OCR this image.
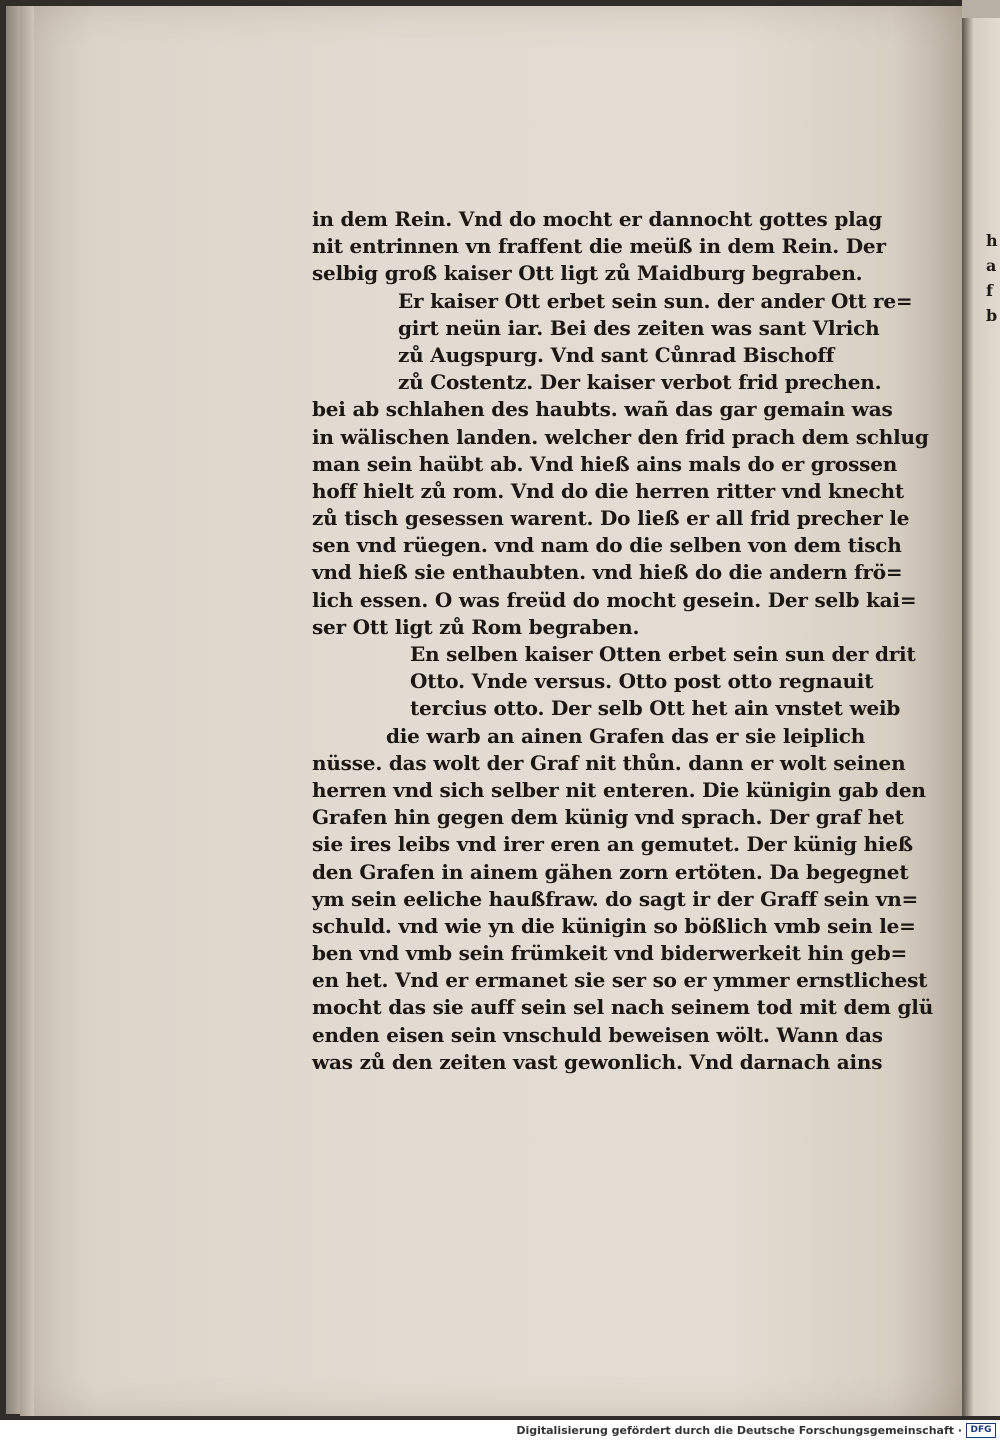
h
a
f
b
in dem Rein. Vnd do mocht er dannocht gottes plag
nit entrinnen vn fraffent die meüß in dem Rein. Der
selbig groß kaiser Ott ligt zů Maidburg begraben.
Er kaiser Ott erbet sein sun. der ander Ott re=
girt neün iar. Bei des zeiten was sant Vlrich
zů Augspurg. Vnd sant Cůnrad Bischoff
zů Costentz. Der kaiser verbot frid prechen.
bei ab schlahen des haubts. wañ das gar gemain was
in wälischen landen. welcher den frid prach dem schlug
man sein haübt ab. Vnd hieß ains mals do er grossen
hoff hielt zů rom. Vnd do die herren ritter vnd knecht
zů tisch gesessen warent. Do ließ er all frid precher le
sen vnd rüegen. vnd nam do die selben von dem tisch
vnd hieß sie enthaubten. vnd hieß do die andern frö=
lich essen. O was freüd do mocht gesein. Der selb kai=
ser Ott ligt zů Rom begraben.
En selben kaiser Otten erbet sein sun der drit
Otto. Vnde versus. Otto post otto regnauit
tercius otto. Der selb Ott het ain vnstet weib
die warb an ainen Grafen das er sie leiplich
nüsse. das wolt der Graf nit thůn. dann er wolt seinen
herren vnd sich selber nit enteren. Die künigin gab den
Grafen hin gegen dem künig vnd sprach. Der graf het
sie ires leibs vnd irer eren an gemutet. Der künig hieß
den Grafen in ainem gähen zorn ertöten. Da begegnet
ym sein eeliche haußfraw. do sagt ir der Graff sein vn=
schuld. vnd wie yn die künigin so bößlich vmb sein le=
ben vnd vmb sein frümkeit vnd biderwerkeit hin geb=
en het. Vnd er ermanet sie ser so er ymmer ernstlichest
mocht das sie auff sein sel nach seinem tod mit dem glü
enden eisen sein vnschuld beweisen wölt. Wann das
was zů den zeiten vast gewonlich. Vnd darnach ains
Digitalisierung gefördert durch die Deutsche Forschungsgemeinschaft · DFG
